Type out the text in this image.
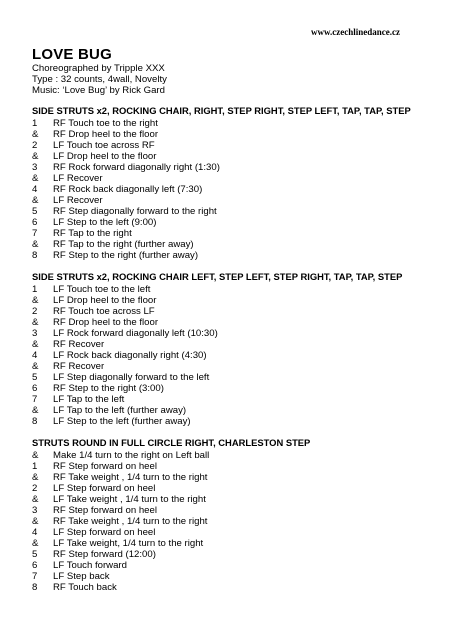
www.czechlinedance.cz
LOVE BUG
Choreographed by Tripple XXX
Type : 32 counts, 4wall, Novelty
Music: ‘Love Bug’ by Rick Gard
SIDE STRUTS x2, ROCKING CHAIR, RIGHT, STEP RIGHT, STEP LEFT, TAP, TAP, STEP
1	RF Touch toe to the right
&	RF Drop heel to the floor
2	LF Touch toe across RF
&	LF Drop heel to the floor
3	RF Rock forward diagonally right (1:30)
&	LF Recover
4	RF Rock back diagonally left (7:30)
&	LF Recover
5	RF Step diagonally forward to the right
6	LF Step to the left (9:00)
7	RF Tap to the right
&	RF Tap to the right (further away)
8	RF Step to the right (further away)
SIDE STRUTS x2, ROCKING CHAIR LEFT, STEP LEFT, STEP RIGHT, TAP, TAP, STEP
1	LF Touch toe to the left
&	LF Drop heel to the floor
2	RF Touch toe across LF
&	RF Drop heel to the floor
3	LF Rock forward diagonally left (10:30)
&	RF Recover
4	LF Rock back diagonally right (4:30)
&	RF Recover
5	LF Step diagonally forward to the left
6	RF Step to the right (3:00)
7	LF Tap to the left
&	LF Tap to the left (further away)
8	LF Step to the left (further away)
STRUTS ROUND IN FULL CIRCLE RIGHT, CHARLESTON STEP
&	Make 1/4 turn to the right on Left ball
1	RF Step forward on heel
&	RF Take weight , 1/4 turn to the right
2	LF Step forward on heel
&	LF Take weight , 1/4 turn to the right
3	RF Step forward on heel
&	RF Take weight , 1/4 turn to the right
4	LF Step forward on heel
&	LF Take weight, 1/4 turn to the right
5	RF Step forward (12:00)
6	LF Touch forward
7	LF Step back
8	RF Touch back
